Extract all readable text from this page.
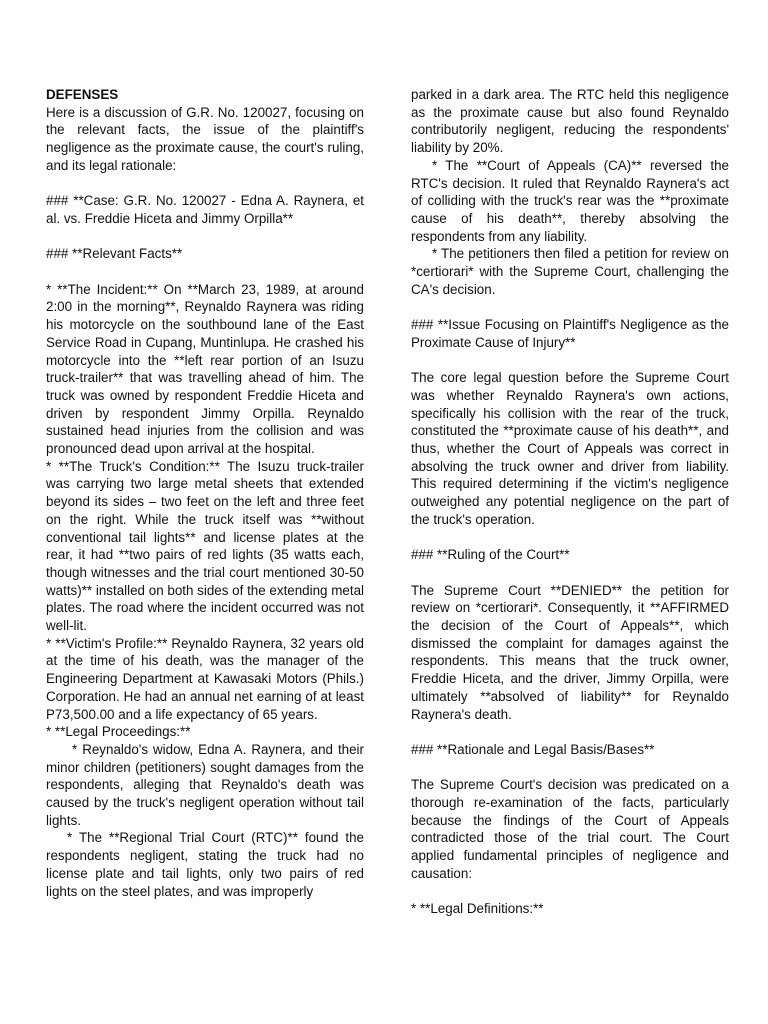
DEFENSES

Here is a discussion of G.R. No. 120027, focusing on the relevant facts, the issue of the plaintiff's negligence as the proximate cause, the court's ruling, and its legal rationale:

### **Case: G.R. No. 120027 - Edna A. Raynera, et al. vs. Freddie Hiceta and Jimmy Orpilla**

### **Relevant Facts**

* **The Incident:** On **March 23, 1989, at around 2:00 in the morning**, Reynaldo Raynera was riding his motorcycle on the southbound lane of the East Service Road in Cupang, Muntinlupa. He crashed his motorcycle into the **left rear portion of an Isuzu truck-trailer** that was travelling ahead of him. The truck was owned by respondent Freddie Hiceta and driven by respondent Jimmy Orpilla. Reynaldo sustained head injuries from the collision and was pronounced dead upon arrival at the hospital.

* **The Truck's Condition:** The Isuzu truck-trailer was carrying two large metal sheets that extended beyond its sides – two feet on the left and three feet on the right. While the truck itself was **without conventional tail lights** and license plates at the rear, it had **two pairs of red lights (35 watts each, though witnesses and the trial court mentioned 30-50 watts)** installed on both sides of the extending metal plates. The road where the incident occurred was not well-lit.

* **Victim's Profile:** Reynaldo Raynera, 32 years old at the time of his death, was the manager of the Engineering Department at Kawasaki Motors (Phils.) Corporation. He had an annual net earning of at least P73,500.00 and a life expectancy of 65 years.

* **Legal Proceedings:**

* Reynaldo's widow, Edna A. Raynera, and their minor children (petitioners) sought damages from the respondents, alleging that Reynaldo's death was caused by the truck's negligent operation without tail lights.

* The **Regional Trial Court (RTC)** found the respondents negligent, stating the truck had no license plate and tail lights, only two pairs of red lights on the steel plates, and was improperly

parked in a dark area. The RTC held this negligence as the proximate cause but also found Reynaldo contributorily negligent, reducing the respondents' liability by 20%.

* The **Court of Appeals (CA)** reversed the RTC's decision. It ruled that Reynaldo Raynera's act of colliding with the truck's rear was the **proximate cause of his death**, thereby absolving the respondents from any liability.

* The petitioners then filed a petition for review on *certiorari* with the Supreme Court, challenging the CA's decision.

### **Issue Focusing on Plaintiff's Negligence as the Proximate Cause of Injury**

The core legal question before the Supreme Court was whether Reynaldo Raynera's own actions, specifically his collision with the rear of the truck, constituted the **proximate cause of his death**, and thus, whether the Court of Appeals was correct in absolving the truck owner and driver from liability. This required determining if the victim's negligence outweighed any potential negligence on the part of the truck's operation.

### **Ruling of the Court**

The Supreme Court **DENIED** the petition for review on *certiorari*. Consequently, it **AFFIRMED the decision of the Court of Appeals**, which dismissed the complaint for damages against the respondents. This means that the truck owner, Freddie Hiceta, and the driver, Jimmy Orpilla, were ultimately **absolved of liability** for Reynaldo Raynera's death.

### **Rationale and Legal Basis/Bases**

The Supreme Court's decision was predicated on a thorough re-examination of the facts, particularly because the findings of the Court of Appeals contradicted those of the trial court. The Court applied fundamental principles of negligence and causation:

* **Legal Definitions:**
